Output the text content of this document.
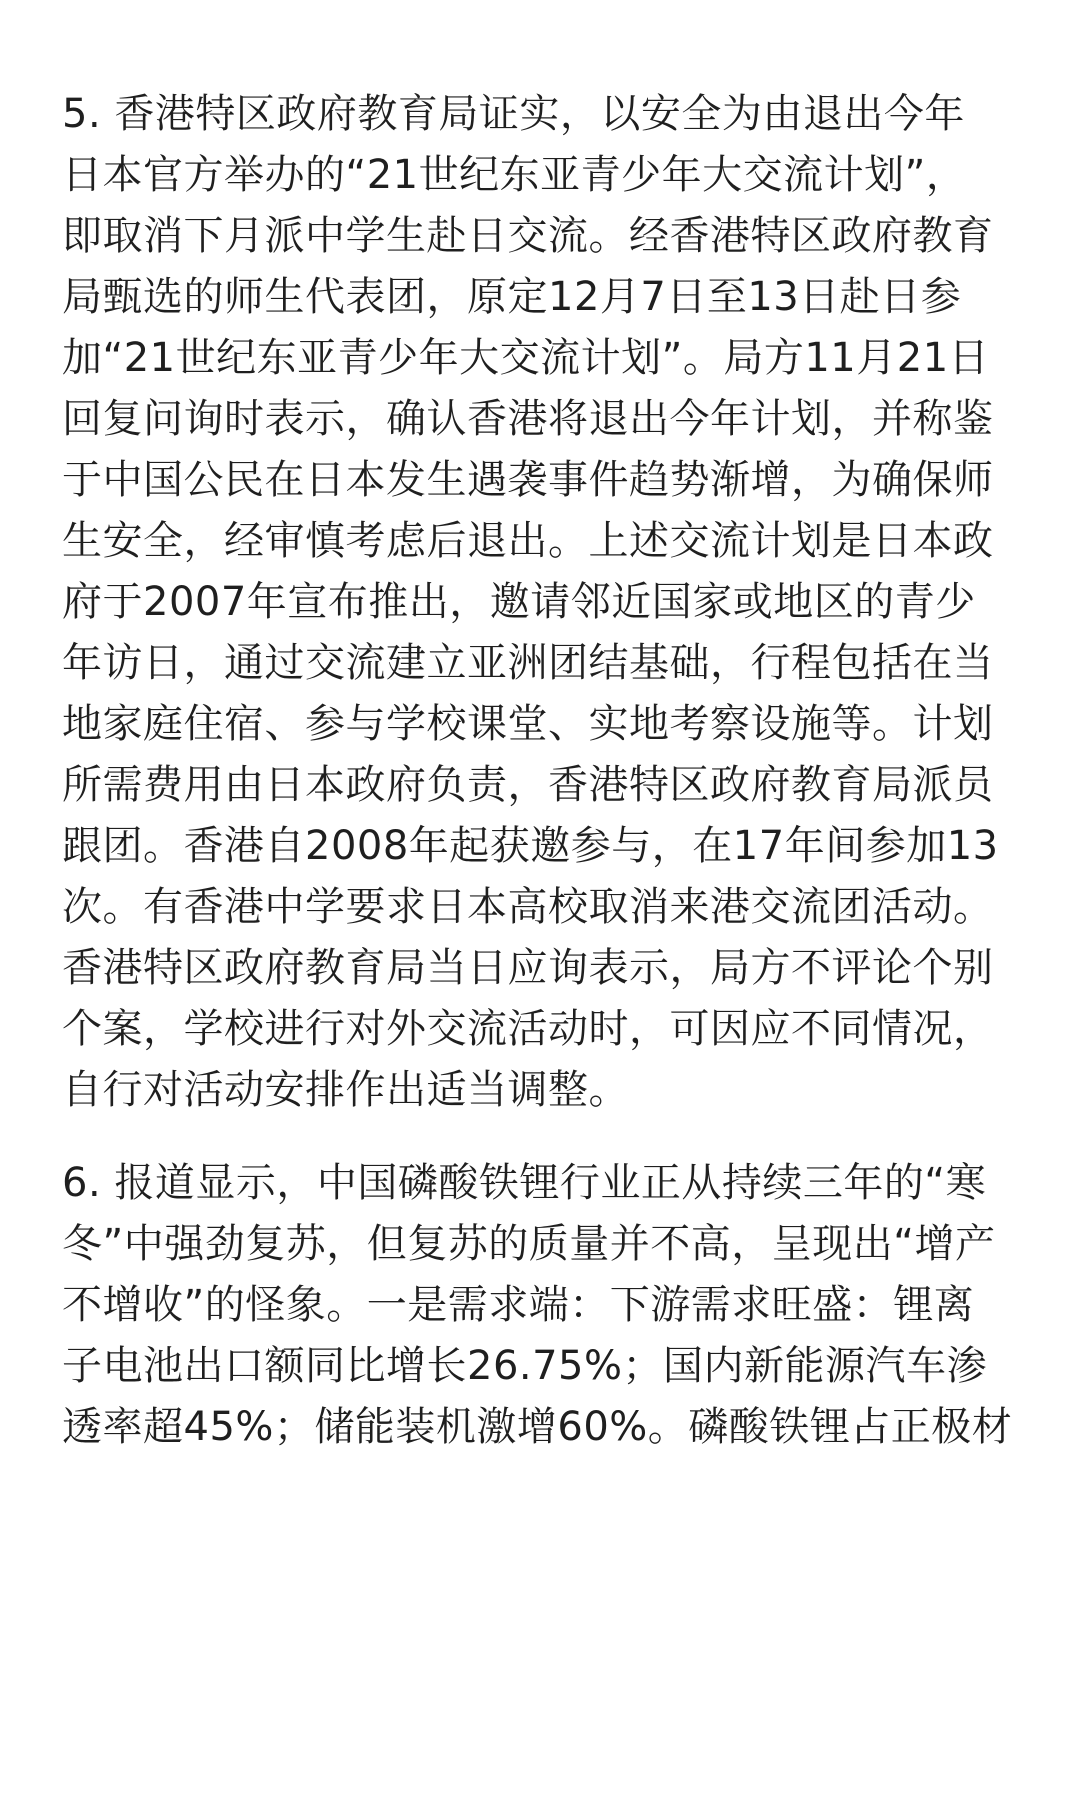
5. 香港特区政府教育局证实，以安全为由退出今年
日本官方举办的“21世纪东亚青少年大交流计划”，
即取消下月派中学生赴日交流。经香港特区政府教育
局甄选的师生代表团，原定12月7日至13日赴日参
加“21世纪东亚青少年大交流计划”。局方11月21日
回复问询时表示，确认香港将退出今年计划，并称鉴
于中国公民在日本发生遇袭事件趋势渐增，为确保师
生安全，经审慎考虑后退出。上述交流计划是日本政
府于2007年宣布推出，邀请邻近国家或地区的青少
年访日，通过交流建立亚洲团结基础，行程包括在当
地家庭住宿、参与学校课堂、实地考察设施等。计划
所需费用由日本政府负责，香港特区政府教育局派员
跟团。香港自2008年起获邀参与，在17年间参加13
次。有香港中学要求日本高校取消来港交流团活动。
香港特区政府教育局当日应询表示，局方不评论个别
个案，学校进行对外交流活动时，可因应不同情况，
自行对活动安排作出适当调整。
6. 报道显示，中国磷酸铁锂行业正从持续三年的“寒
冬”中强劲复苏，但复苏的质量并不高，呈现出“增产
不增收”的怪象。一是需求端：下游需求旺盛：锂离
子电池出口额同比增长26.75%；国内新能源汽车渗
透率超45%；储能装机激增60%。磷酸铁锂占正极材
